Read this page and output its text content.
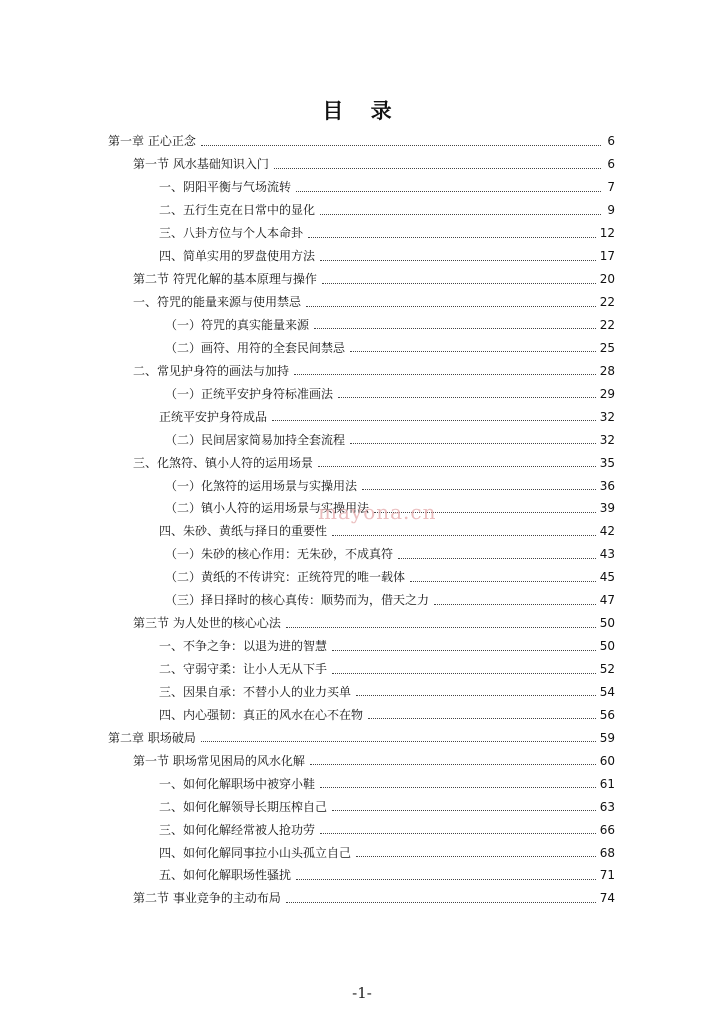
目 录
第一章 正心正念	6
第一节 风水基础知识入门	6
一、阴阳平衡与气场流转	7
二、五行生克在日常中的显化	9
三、八卦方位与个人本命卦	12
四、简单实用的罗盘使用方法	17
第二节 符咒化解的基本原理与操作	20
一、符咒的能量来源与使用禁忌	22
（一）符咒的真实能量来源	22
（二）画符、用符的全套民间禁忌	25
二、常见护身符的画法与加持	28
（一）正统平安护身符标准画法	29
正统平安护身符成品	32
（二）民间居家简易加持全套流程	32
三、化煞符、镇小人符的运用场景	35
（一）化煞符的运用场景与实操用法	36
（二）镇小人符的运用场景与实操用法	39
四、朱砂、黄纸与择日的重要性	42
（一）朱砂的核心作用：无朱砂，不成真符	43
（二）黄纸的不传讲究：正统符咒的唯一载体	45
（三）择日择时的核心真传：顺势而为，借天之力	47
第三节 为人处世的核心心法	50
一、不争之争：以退为进的智慧	50
二、守弱守柔：让小人无从下手	52
三、因果自承：不替小人的业力买单	54
四、内心强韧：真正的风水在心不在物	56
第二章 职场破局	59
第一节 职场常见困局的风水化解	60
一、如何化解职场中被穿小鞋	61
二、如何化解领导长期压榨自己	63
三、如何化解经常被人抢功劳	66
四、如何化解同事拉小山头孤立自己	68
五、如何化解职场性骚扰	71
第二节 事业竞争的主动布局	74
mayona.cn
-1-
